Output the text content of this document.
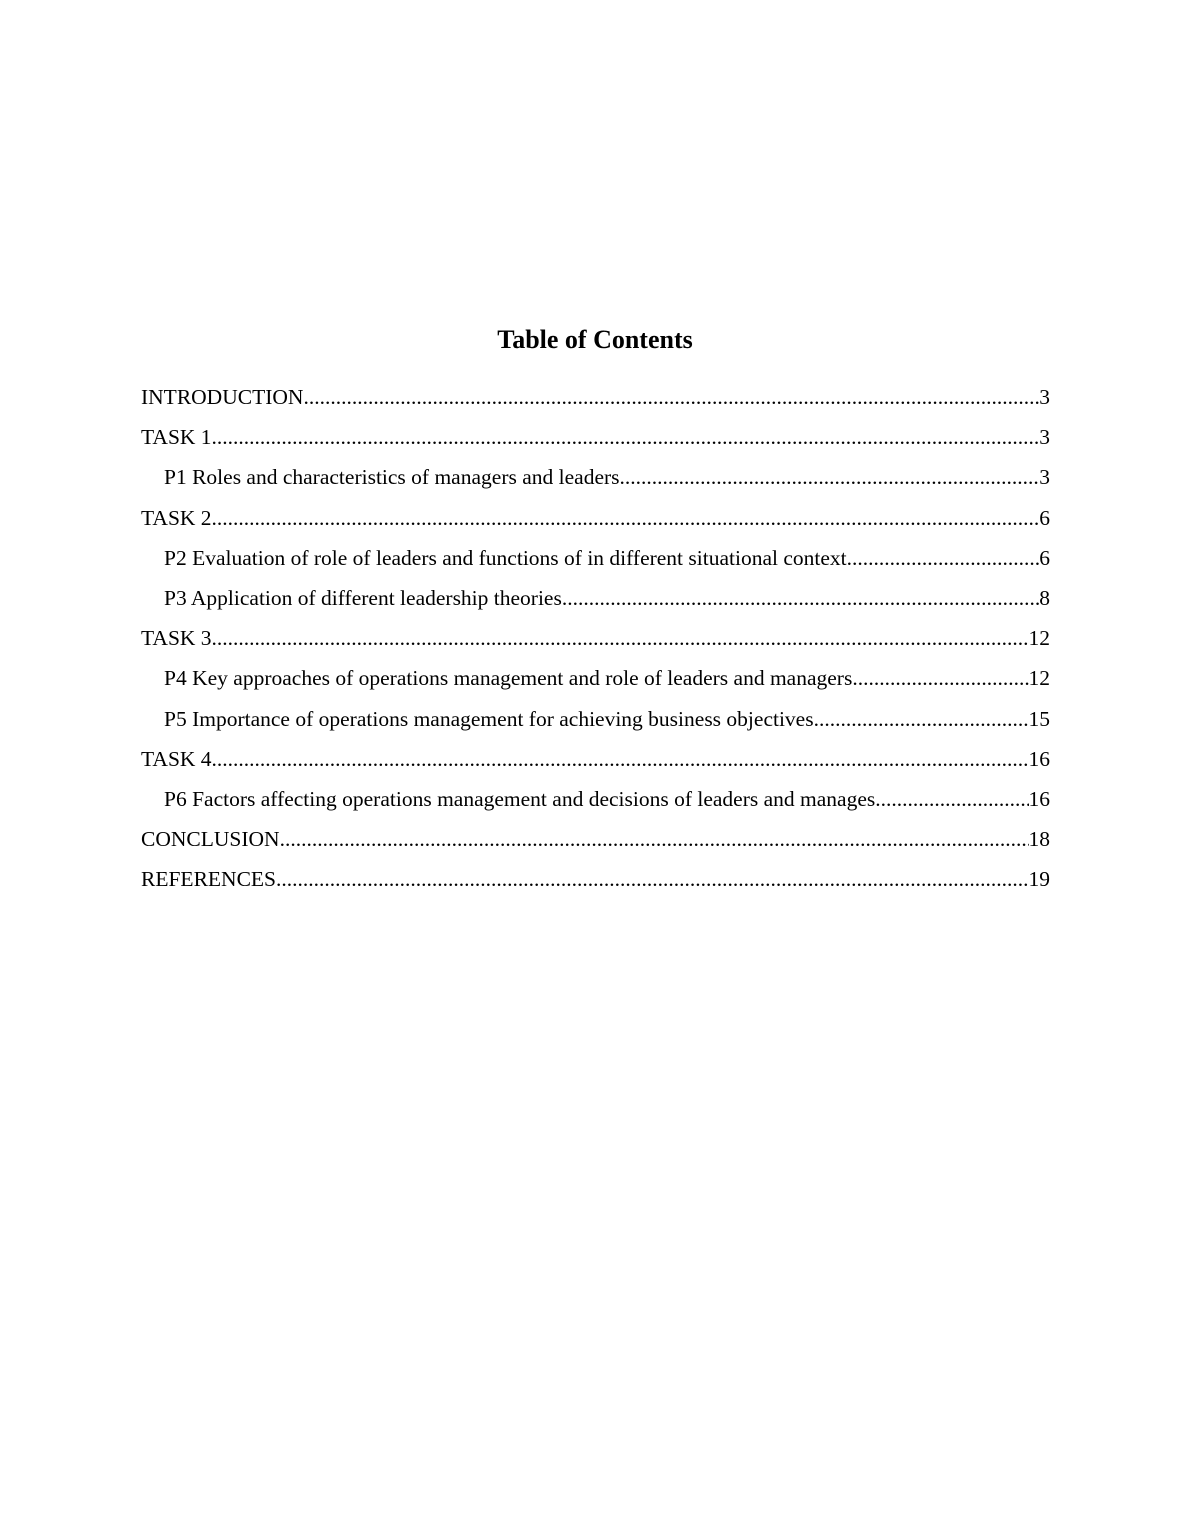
Table of Contents
INTRODUCTION .....	3
TASK 1 .....	3
P1 Roles and characteristics of managers and leaders .....	3
TASK 2 .....	6
P2 Evaluation of role of leaders and functions of in different situational context .....	6
P3 Application of different leadership theories .....	8
TASK 3 .....	12
P4 Key approaches of operations management and role of leaders and managers .....	12
P5 Importance of operations management for achieving business objectives .....	15
TASK 4 .....	16
P6 Factors affecting operations management and decisions of leaders and manages .....	16
CONCLUSION .....	18
REFERENCES .....	19
